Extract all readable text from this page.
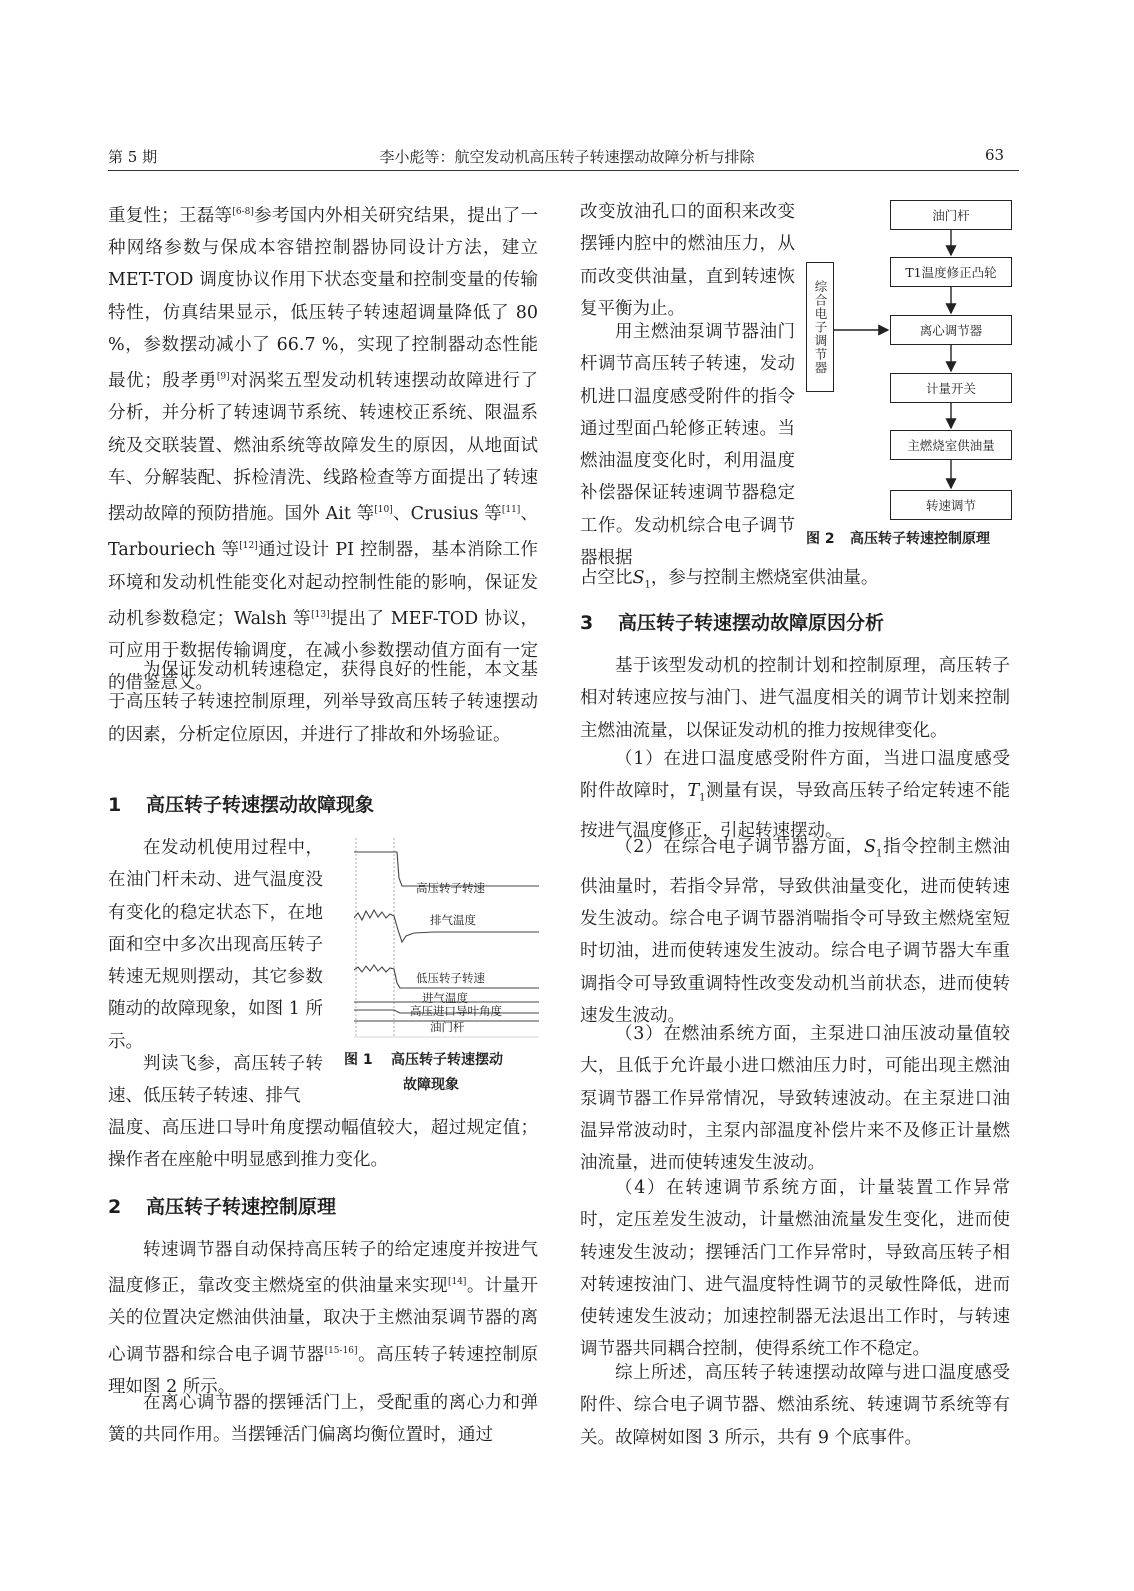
第 5 期	李小彪等：航空发动机高压转子转速摆动故障分析与排除	63

重复性；王磊等[6-8]参考国内外相关研究结果，提出了一种网络参数与保成本容错控制器协同设计方法，建立 MET-TOD 调度协议作用下状态变量和控制变量的传输特性，仿真结果显示，低压转子转速超调量降低了 80 %，参数摆动减小了 66.7 %，实现了控制器动态性能最优；殷孝勇[9]对涡桨五型发动机转速摆动故障进行了分析，并分析了转速调节系统、转速校正系统、限温系统及交联装置、燃油系统等故障发生的原因，从地面试车、分解装配、拆检清洗、线路检查等方面提出了转速摆动故障的预防措施。国外 Ait 等[10]、Crusius 等[11]、Tarbouriech 等[12]通过设计 PI 控制器，基本消除工作环境和发动机性能变化对起动控制性能的影响，保证发动机参数稳定；Walsh 等[13]提出了 MEF-TOD 协议，可应用于数据传输调度，在减小参数摆动值方面有一定的借鉴意义。

为保证发动机转速稳定，获得良好的性能，本文基于高压转子转速控制原理，列举导致高压转子转速摆动的因素，分析定位原因，并进行了排故和外场验证。

1 高压转子转速摆动故障现象

在发动机使用过程中，在油门杆未动、进气温度没有变化的稳定状态下，在地面和空中多次出现高压转子转速无规则摆动，其它参数随动的故障现象，如图 1 所示。

判读飞参，高压转子转速、低压转子转速、排气

温度、高压进口导叶角度摆动幅值较大，超过规定值；操作者在座舱中明显感到推力变化。

高压转子转速
排气温度
低压转子转速
进气温度
高压进口导叶角度
油门杆
图 1 高压转子转速摆动
故障现象
2 高压转子转速控制原理

转速调节器自动保持高压转子的给定速度并按进气温度修正，靠改变主燃烧室的供油量来实现[14]。计量开关的位置决定燃油供油量，取决于主燃油泵调节器的离心调节器和综合电子调节器[15-16]。高压转子转速控制原理如图 2 所示。

在离心调节器的摆锤活门上，受配重的离心力和弹簧的共同作用。当摆锤活门偏离均衡位置时，通过

改变放油孔口的面积来改变摆锤内腔中的燃油压力，从而改变供油量，直到转速恢复平衡为止。

用主燃油泵调节器油门杆调节高压转子转速，发动机进口温度感受附件的指令通过型面凸轮修正转速。当燃油温度变化时，利用温度补偿器保证转速调节器稳定工作。发动机综合电子调节器根据

占空比$S_1$，参与控制主燃烧室供油量。

油门杆
T1温度修正凸轮
离心调节器
计量开关
主燃烧室供油量
转速调节
综合电子调节器
图 2 高压转子转速控制原理
3 高压转子转速摆动故障原因分析

基于该型发动机的控制计划和控制原理，高压转子相对转速应按与油门、进气温度相关的调节计划来控制主燃油流量，以保证发动机的推力按规律变化。

（1）在进口温度感受附件方面，当进口温度感受附件故障时，$T_1$测量有误，导致高压转子给定转速不能按进气温度修正，引起转速摆动。

（2）在综合电子调节器方面，$S_1$指令控制主燃油供油量时，若指令异常，导致供油量变化，进而使转速发生波动。综合电子调节器消喘指令可导致主燃烧室短时切油，进而使转速发生波动。综合电子调节器大车重调指令可导致重调特性改变发动机当前状态，进而使转速发生波动。

（3）在燃油系统方面，主泵进口油压波动量值较大，且低于允许最小进口燃油压力时，可能出现主燃油泵调节器工作异常情况，导致转速波动。在主泵进口油温异常波动时，主泵内部温度补偿片来不及修正计量燃油流量，进而使转速发生波动。

（4）在转速调节系统方面，计量装置工作异常时，定压差发生波动，计量燃油流量发生变化，进而使转速发生波动；摆锤活门工作异常时，导致高压转子相对转速按油门、进气温度特性调节的灵敏性降低，进而使转速发生波动；加速控制器无法退出工作时，与转速调节器共同耦合控制，使得系统工作不稳定。

综上所述，高压转子转速摆动故障与进口温度感受附件、综合电子调节器、燃油系统、转速调节系统等有关。故障树如图 3 所示，共有 9 个底事件。
